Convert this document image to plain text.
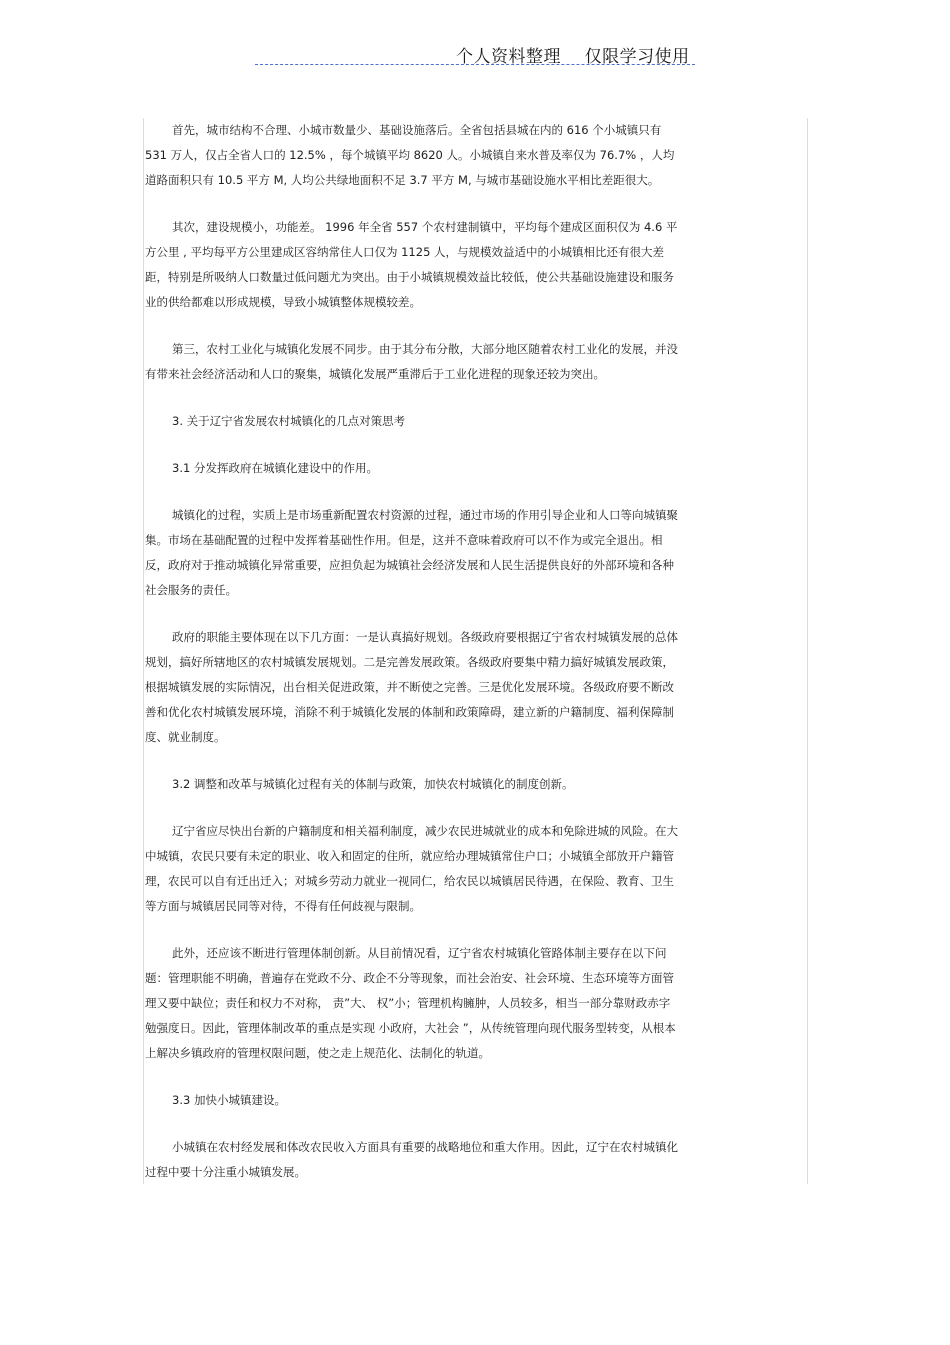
个人资料整理    仅限学习使用
首先，城市结构不合理、小城市数量少、基础设施落后。全省包括县城在内的 616 个小城镇只有
531 万人，仅占全省人口的 12.5% ，每个城镇平均 8620 人。小城镇自来水普及率仅为 76.7% ，人均
道路面积只有 10.5 平方 M, 人均公共绿地面积不足 3.7 平方 M, 与城市基础设施水平相比差距很大。
其次，建设规模小，功能差。 1996 年全省 557 个农村建制镇中，平均每个建成区面积仅为 4.6 平
方公里 , 平均每平方公里建成区容纳常住人口仅为 1125 人，与规模效益适中的小城镇相比还有很大差
距，特别是所吸纳人口数量过低问题尤为突出。由于小城镇规模效益比较低，使公共基础设施建设和服务
业的供给都难以形成规模，导致小城镇整体规模较差。
第三，农村工业化与城镇化发展不同步。由于其分布分散，大部分地区随着农村工业化的发展，并没
有带来社会经济活动和人口的聚集，城镇化发展严重滞后于工业化进程的现象还较为突出。
3. 关于辽宁省发展农村城镇化的几点对策思考
3.1 分发挥政府在城镇化建设中的作用。
城镇化的过程，实质上是市场重新配置农村资源的过程，通过市场的作用引导企业和人口等向城镇聚
集。市场在基础配置的过程中发挥着基础性作用。但是，这并不意味着政府可以不作为或完全退出。相
反，政府对于推动城镇化异常重要，应担负起为城镇社会经济发展和人民生活提供良好的外部环境和各种
社会服务的责任。
政府的职能主要体现在以下几方面：一是认真搞好规划。各级政府要根据辽宁省农村城镇发展的总体
规划，搞好所辖地区的农村城镇发展规划。二是完善发展政策。各级政府要集中精力搞好城镇发展政策，
根据城镇发展的实际情况，出台相关促进政策，并不断使之完善。三是优化发展环境。各级政府要不断改
善和优化农村城镇发展环境，消除不利于城镇化发展的体制和政策障碍，建立新的户籍制度、福利保障制
度、就业制度。
3.2 调整和改革与城镇化过程有关的体制与政策，加快农村城镇化的制度创新。
辽宁省应尽快出台新的户籍制度和相关福利制度，减少农民进城就业的成本和免除进城的风险。在大
中城镇，农民只要有未定的职业、收入和固定的住所，就应给办理城镇常住户口；小城镇全部放开户籍管
理，农民可以自有迁出迁入；对城乡劳动力就业一视同仁，给农民以城镇居民待遇，在保险、教育、卫生
等方面与城镇居民同等对待，不得有任何歧视与限制。
此外，还应该不断进行管理体制创新。从目前情况看，辽宁省农村城镇化管路体制主要存在以下问
题：管理职能不明确，普遍存在党政不分、政企不分等现象，而社会治安、社会环境、生态环境等方面管
理又要中缺位；责任和权力不对称， 责”大、 权”小；管理机构臃肿，人员较多，相当一部分靠财政赤字
勉强度日。因此，管理体制改革的重点是实现 小政府，大社会 ”，从传统管理向现代服务型转变，从根本
上解决乡镇政府的管理权限问题，使之走上规范化、法制化的轨道。
3.3 加快小城镇建设。
小城镇在农村经发展和体改农民收入方面具有重要的战略地位和重大作用。因此，辽宁在农村城镇化
过程中要十分注重小城镇发展。
